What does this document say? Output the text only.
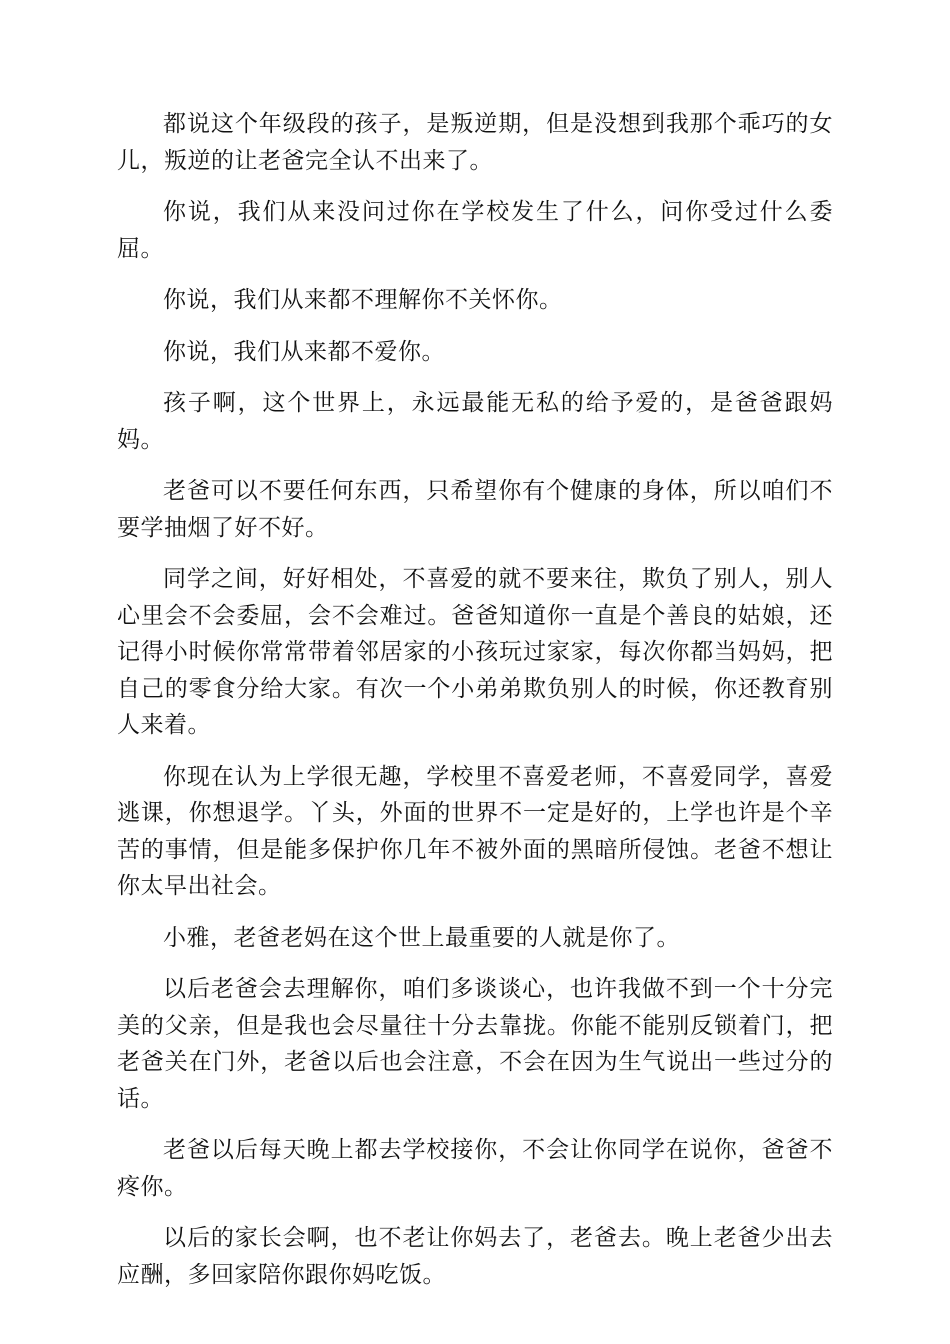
都说这个年级段的孩子，是叛逆期，但是没想到我那个乖巧的女儿，叛逆的让老爸完全认不出来了。

你说，我们从来没问过你在学校发生了什么，问你受过什么委屈。

你说，我们从来都不理解你不关怀你。

你说，我们从来都不爱你。

孩子啊，这个世界上，永远最能无私的给予爱的，是爸爸跟妈妈。

老爸可以不要任何东西，只希望你有个健康的身体，所以咱们不要学抽烟了好不好。

同学之间，好好相处，不喜爱的就不要来往，欺负了别人，别人心里会不会委屈，会不会难过。爸爸知道你一直是个善良的姑娘，还记得小时候你常常带着邻居家的小孩玩过家家，每次你都当妈妈，把自己的零食分给大家。有次一个小弟弟欺负别人的时候，你还教育别人来着。

你现在认为上学很无趣，学校里不喜爱老师，不喜爱同学，喜爱逃课，你想退学。丫头，外面的世界不一定是好的，上学也许是个辛苦的事情，但是能多保护你几年不被外面的黑暗所侵蚀。老爸不想让你太早出社会。

小雅，老爸老妈在这个世上最重要的人就是你了。

以后老爸会去理解你，咱们多谈谈心，也许我做不到一个十分完美的父亲，但是我也会尽量往十分去靠拢。你能不能别反锁着门，把老爸关在门外，老爸以后也会注意，不会在因为生气说出一些过分的话。

老爸以后每天晚上都去学校接你，不会让你同学在说你，爸爸不疼你。

以后的家长会啊，也不老让你妈去了，老爸去。晚上老爸少出去应酬，多回家陪你跟你妈吃饭。
